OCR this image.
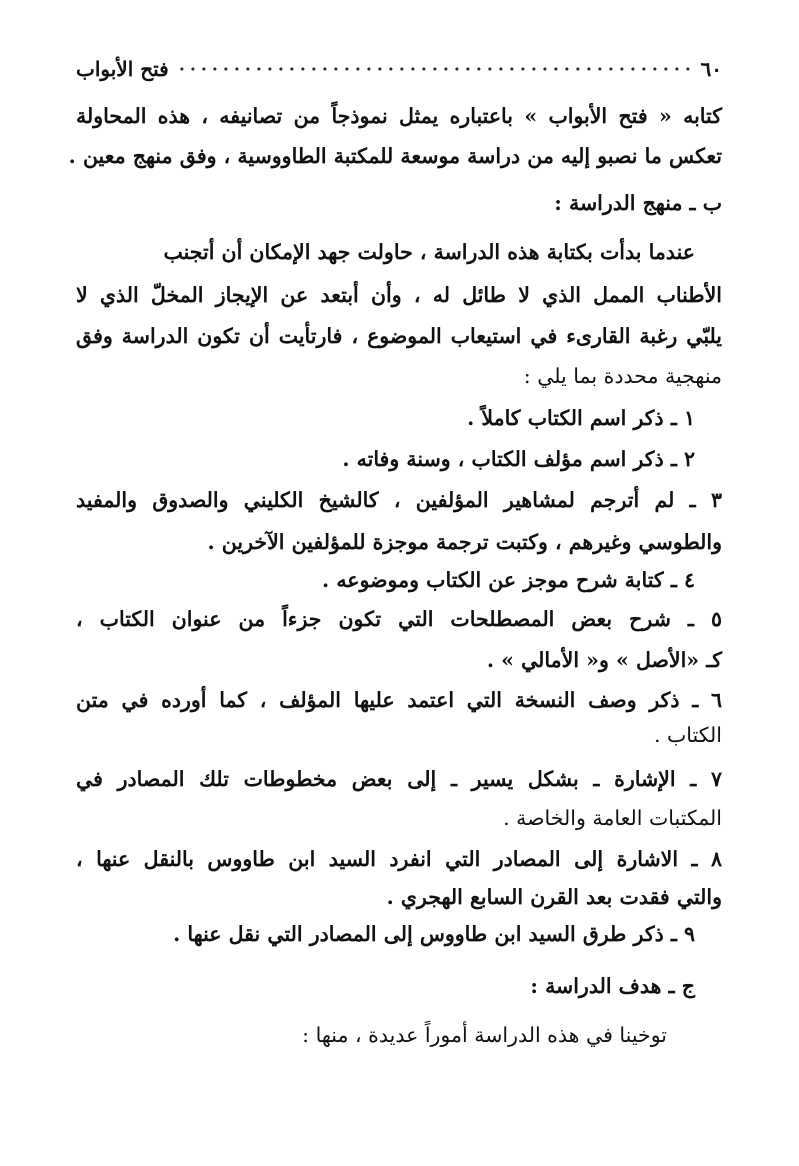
٦٠
فتح الأبواب
كتابه « فتح الأبواب » باعتباره يمثل نموذجاً من تصانيفه ، هذه المحاولة
تعكس ما نصبو إليه من دراسة موسعة للمكتبة الطاووسية ، وفق منهج معين .
ب ـ منهج الدراسة :
عندما بدأت بكتابة هذه الدراسة ، حاولت جهد الإمكان أن أتجنب
الأطناب الممل الذي لا طائل له ، وأن أبتعد عن الإيجاز المخلّ الذي لا
يلبّي رغبة القارىء في استيعاب الموضوع ، فارتأيت أن تكون الدراسة وفق
منهجية محددة بما يلي :
١ ـ ذكر اسم الكتاب كاملاً .
٢ ـ ذكر اسم مؤلف الكتاب ، وسنة وفاته .
٣ ـ لم أترجم لمشاهير المؤلفين ، كالشيخ الكليني والصدوق والمفيد
والطوسي وغيرهم ، وكتبت ترجمة موجزة للمؤلفين الآخرين .
٤ ـ كتابة شرح موجز عن الكتاب وموضوعه .
٥ ـ شرح بعض المصطلحات التي تكون جزءاً من عنوان الكتاب ،
كـ «الأصل » و« الأمالي » .
٦ ـ ذكر وصف النسخة التي اعتمد عليها المؤلف ، كما أورده في متن
الكتاب .
٧ ـ الإشارة ـ بشكل يسير ـ إلى بعض مخطوطات تلك المصادر في
المكتبات العامة والخاصة .
٨ ـ الاشارة إلى المصادر التي انفرد السيد ابن طاووس بالنقل عنها ،
والتي فقدت بعد القرن السابع الهجري .
٩ ـ ذكر طرق السيد ابن طاووس إلى المصادر التي نقل عنها .
ج ـ هدف الدراسة :
توخينا في هذه الدراسة أموراً عديدة ، منها :
